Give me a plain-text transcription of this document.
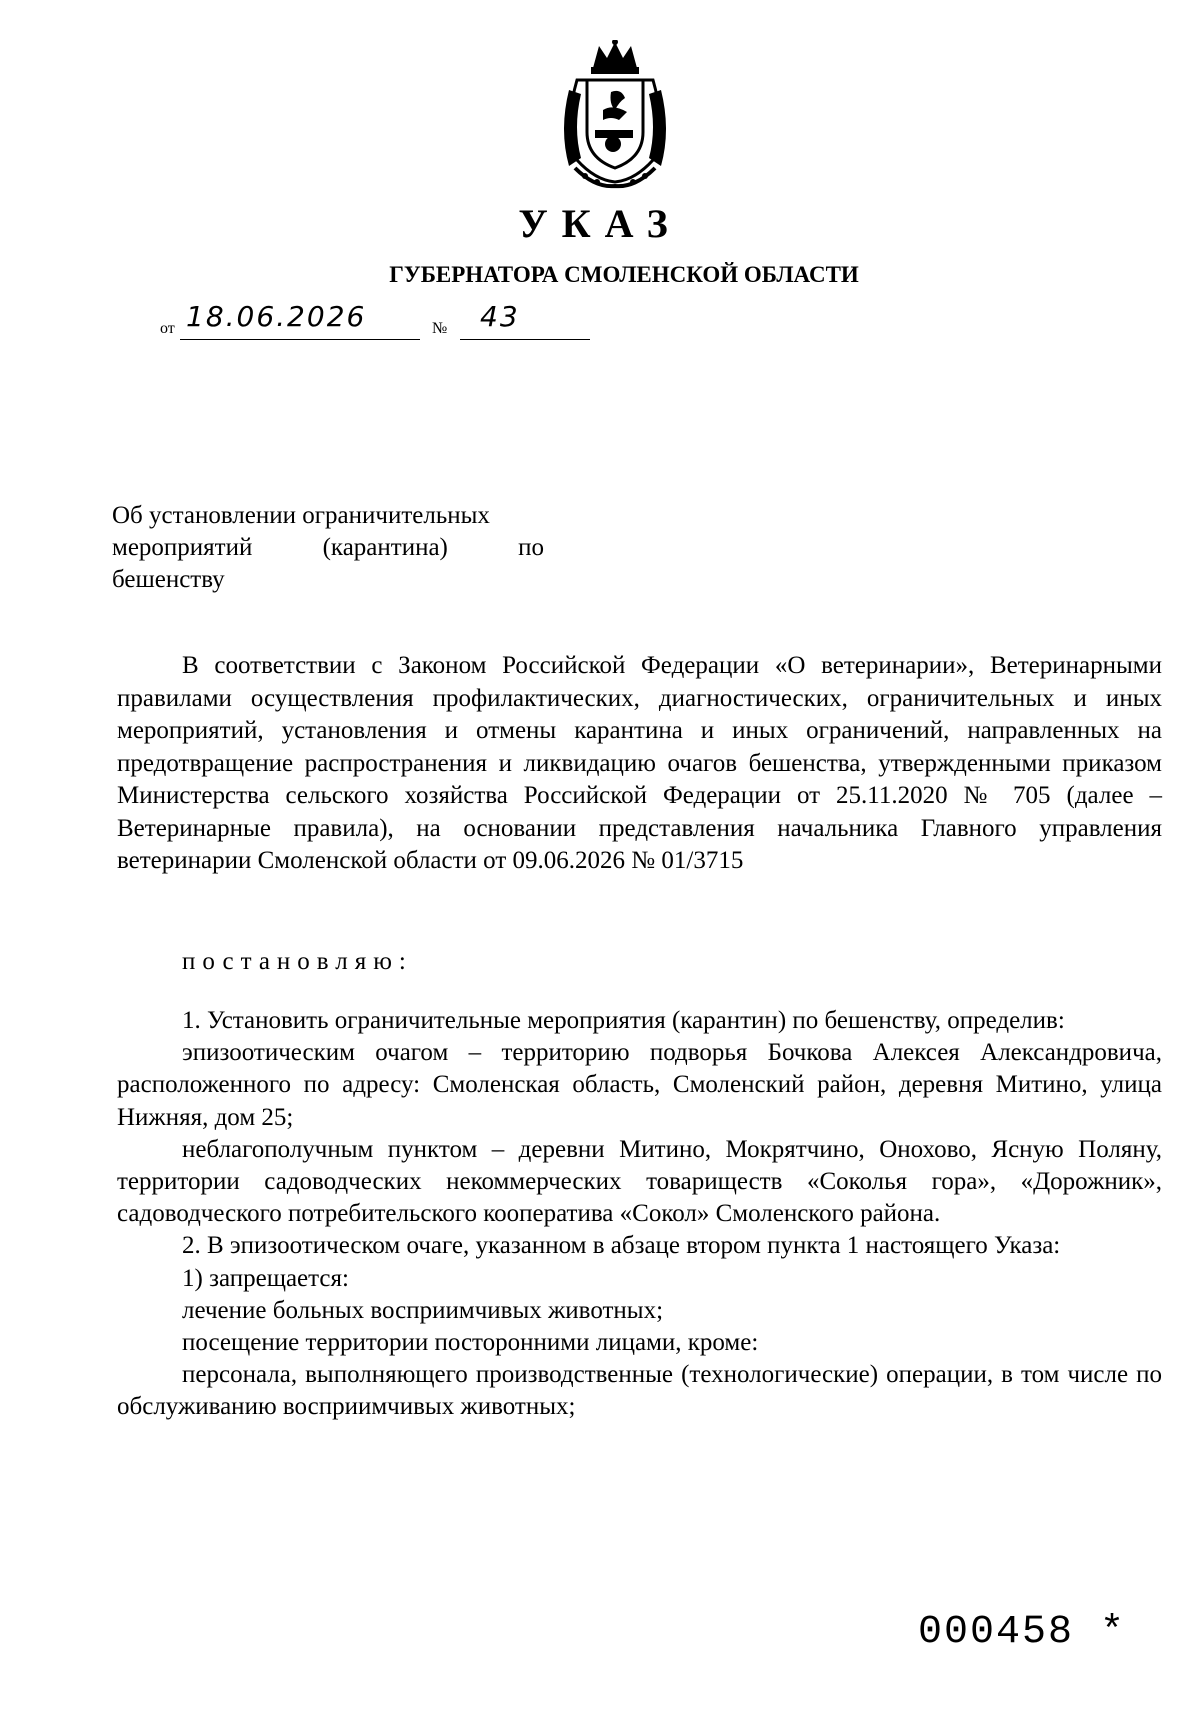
УКАЗ
ГУБЕРНАТОРА СМОЛЕНСКОЙ ОБЛАСТИ
от 18.06.2026	№ 43
Об установлении ограничительных
мероприятий (карантина) по
бешенству

В соответствии с Законом Российской Федерации «О ветеринарии», Ветеринарными правилами осуществления профилактических, диагностических, ограничительных и иных мероприятий, установления и отмены карантина и иных ограничений, направленных на предотвращение распространения и ликвидацию очагов бешенства, утвержденными приказом Министерства сельского хозяйства Российской Федерации от 25.11.2020 № 705 (далее – Ветеринарные правила), на основании представления начальника Главного управления ветеринарии Смоленской области от 09.06.2026 № 01/3715

постановляю:

1. Установить ограничительные мероприятия (карантин) по бешенству, определив:

эпизоотическим очагом – территорию подворья Бочкова Алексея Александровича, расположенного по адресу: Смоленская область, Смоленский район, деревня Митино, улица Нижняя, дом 25;

неблагополучным пунктом – деревни Митино, Мокрятчино, Онохово, Ясную Поляну, территории садоводческих некоммерческих товариществ «Соколья гора», «Дорожник», садоводческого потребительского кооператива «Сокол» Смоленского района.

2. В эпизоотическом очаге, указанном в абзаце втором пункта 1 настоящего Указа:

1) запрещается:

лечение больных восприимчивых животных;

посещение территории посторонними лицами, кроме:

персонала, выполняющего производственные (технологические) операции, в том числе по обслуживанию восприимчивых животных;

000458 *
